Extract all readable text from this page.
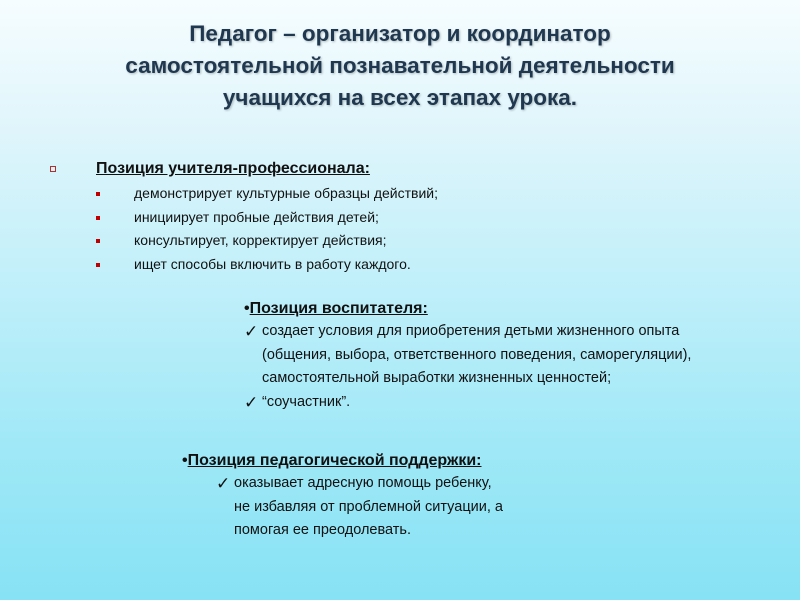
Педагог – организатор и координатор
самостоятельной познавательной деятельности
учащихся на всех этапах урока.
Позиция учителя-профессионала:
демонстрирует культурные образцы действий;
инициирует пробные действия детей;
консультирует, корректирует действия;
ищет способы включить в работу каждого.
•Позиция воспитателя:
✓ создает условия для приобретения детьми жизненного опыта
(общения, выбора, ответственного поведения, саморегуляции),
самостоятельной выработки жизненных ценностей;
✓ “соучастник”.
•Позиция педагогической поддержки:
✓ оказывает адресную помощь ребенку,
не избавляя от проблемной ситуации, а
помогая ее преодолевать.
